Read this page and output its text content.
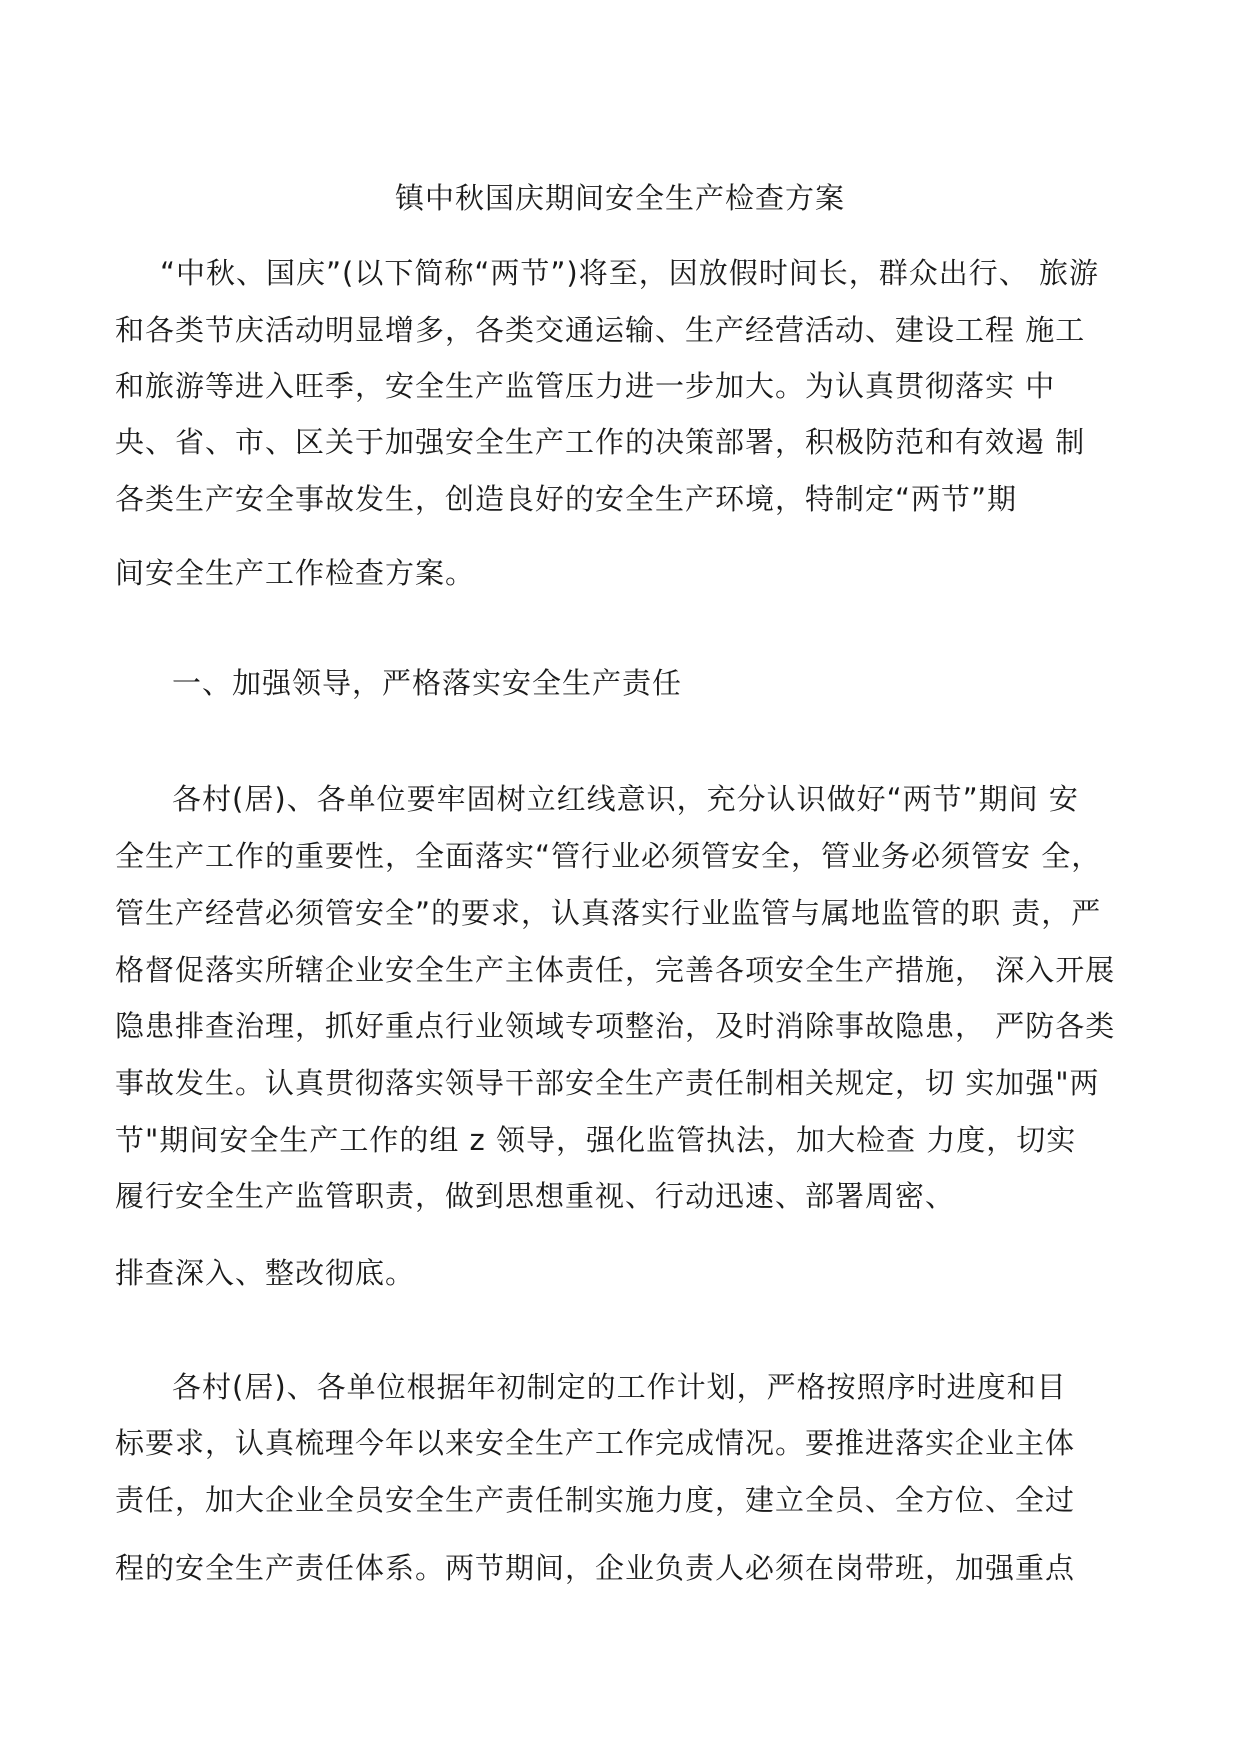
镇中秋国庆期间安全生产检查方案
“中秋、国庆”(以下简称“两节”)将至，因放假时间长，群众出行、 旅游
和各类节庆活动明显增多，各类交通运输、生产经营活动、建设工程 施工
和旅游等进入旺季，安全生产监管压力进一步加大。为认真贯彻落实 中
央、省、市、区关于加强安全生产工作的决策部署，积极防范和有效遏 制
各类生产安全事故发生，创造良好的安全生产环境，特制定“两节”期
间安全生产工作检查方案。
一、加强领导，严格落实安全生产责任
各村(居)、各单位要牢固树立红线意识，充分认识做好“两节”期间 安
全生产工作的重要性，全面落实“管行业必须管安全，管业务必须管安 全，
管生产经营必须管安全”的要求，认真落实行业监管与属地监管的职 责，严
格督促落实所辖企业安全生产主体责任，完善各项安全生产措施， 深入开展
隐患排查治理，抓好重点行业领域专项整治，及时消除事故隐患， 严防各类
事故发生。认真贯彻落实领导干部安全生产责任制相关规定，切 实加强"两
节"期间安全生产工作的组 z 领导，强化监管执法，加大检查 力度，切实
履行安全生产监管职责，做到思想重视、行动迅速、部署周密、
排查深入、整改彻底。
各村(居)、各单位根据年初制定的工作计划，严格按照序时进度和目
标要求，认真梳理今年以来安全生产工作完成情况。要推进落实企业主体
责任，加大企业全员安全生产责任制实施力度，建立全员、全方位、全过
程的安全生产责任体系。两节期间，企业负责人必须在岗带班，加强重点
